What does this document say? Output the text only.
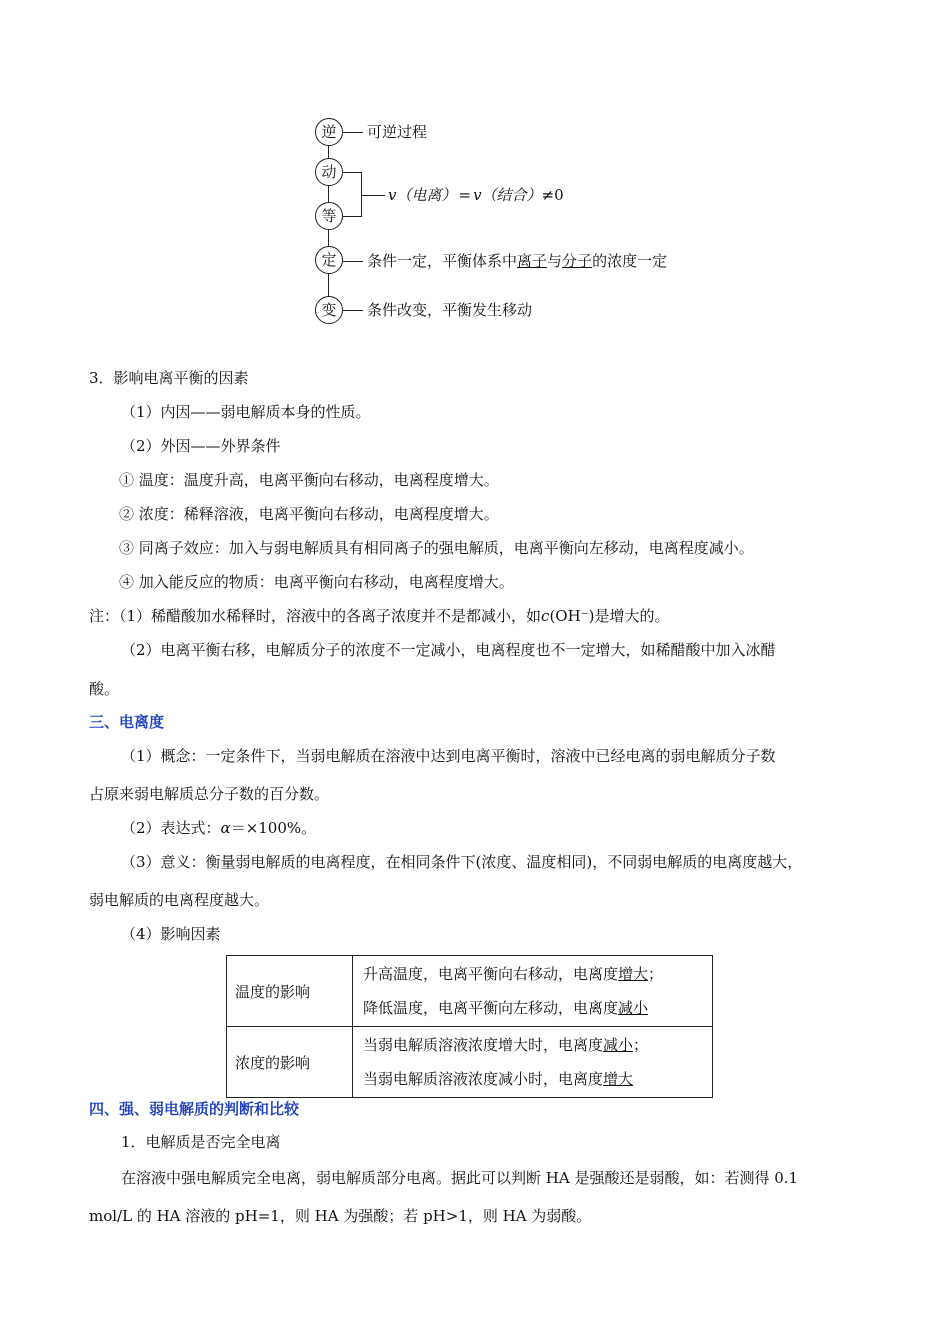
逆
动
等
定
变
可逆过程
v（电离） = v（结合）≠0
条件一定，平衡体系中离子与分子的浓度一定
条件改变，平衡发生移动
3．影响电离平衡的因素
（1）内因——弱电解质本身的性质。
（2）外因——外界条件
① 温度：温度升高，电离平衡向右移动，电离程度增大。
② 浓度：稀释溶液，电离平衡向右移动，电离程度增大。
③ 同离子效应：加入与弱电解质具有相同离子的强电解质，电离平衡向左移动，电离程度减小。
④ 加入能反应的物质：电离平衡向右移动，电离程度增大。
注：（1）稀醋酸加水稀释时，溶液中的各离子浓度并不是都减小，如c(OH⁻)是增大的。
（2）电离平衡右移，电解质分子的浓度不一定减小，电离程度也不一定增大，如稀醋酸中加入冰醋
酸。
三、电离度
（1）概念：一定条件下，当弱电解质在溶液中达到电离平衡时，溶液中已经电离的弱电解质分子数
占原来弱电解质总分子数的百分数。
（2）表达式：α＝×100%。
（3）意义：衡量弱电解质的电离程度，在相同条件下(浓度、温度相同)，不同弱电解质的电离度越大，
弱电解质的电离程度越大。
（4）影响因素
温度的影响	升高温度，电离平衡向右移动，电离度增大；
降低温度，电离平衡向左移动，电离度减小

浓度的影响	当弱电解质溶液浓度增大时，电离度减小；
当弱电解质溶液浓度减小时，电离度增大
四、强、弱电解质的判断和比较
1．电解质是否完全电离
在溶液中强电解质完全电离，弱电解质部分电离。据此可以判断 HA 是强酸还是弱酸，如：若测得 0.1
mol/L 的 HA 溶液的 pH=1，则 HA 为强酸；若 pH>1，则 HA 为弱酸。
